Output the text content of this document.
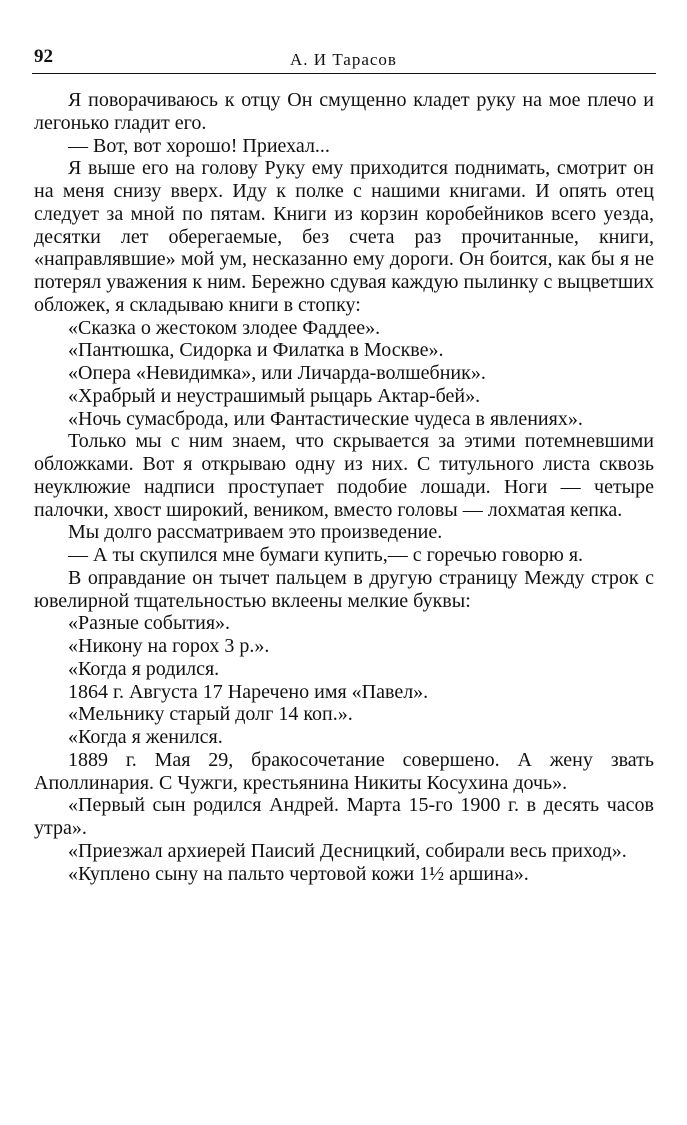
92	А. И Тарасов

Я поворачиваюсь к отцу Он смущенно кладет руку на мое плечо и легонько гладит его.

— Вот, вот хорошо! Приехал...

Я выше его на голову Руку ему приходится поднимать, смотрит он на меня снизу вверх. Иду к полке с нашими книгами. И опять отец следует за мной по пятам. Книги из корзин коробейников всего уезда, десятки лет оберегаемые, без счета раз прочитанные, книги, «направлявшие» мой ум, несказанно ему дороги. Он боится, как бы я не потерял уважения к ним. Бережно сдувая каждую пылинку с выцветших обложек, я складываю книги в стопку:

«Сказка о жестоком злодее Фаддее».

«Пантюшка, Сидорка и Филатка в Москве».

«Опера «Невидимка», или Личарда-волшебник».

«Храбрый и неустрашимый рыцарь Актар-бей».

«Ночь сумасброда, или Фантастические чудеса в явлениях».

Только мы с ним знаем, что скрывается за этими потемневшими обложками. Вот я открываю одну из них. С титульного листа сквозь неуклюжие надписи проступает подобие лошади. Ноги — четыре палочки, хвост широкий, веником, вместо головы — лохматая кепка.

Мы долго рассматриваем это произведение.

— А ты скупился мне бумаги купить,— с горечью говорю я.

В оправдание он тычет пальцем в другую страницу Между строк с ювелирной тщательностью вклеены мелкие буквы:

«Разные события».

«Никону на горох 3 р.».

«Когда я родился.

1864 г. Августа 17 Наречено имя «Павел».

«Мельнику старый долг 14 коп.».

«Когда я женился.

1889 г. Мая 29, бракосочетание совершено. А жену звать Аполлинария. С Чужги, крестьянина Никиты Косухина дочь».

«Первый сын родился Андрей. Марта 15-го 1900 г. в десять часов утра».

«Приезжал архиерей Паисий Десницкий, собирали весь приход».

«Куплено сыну на пальто чертовой кожи 1½ аршина».
